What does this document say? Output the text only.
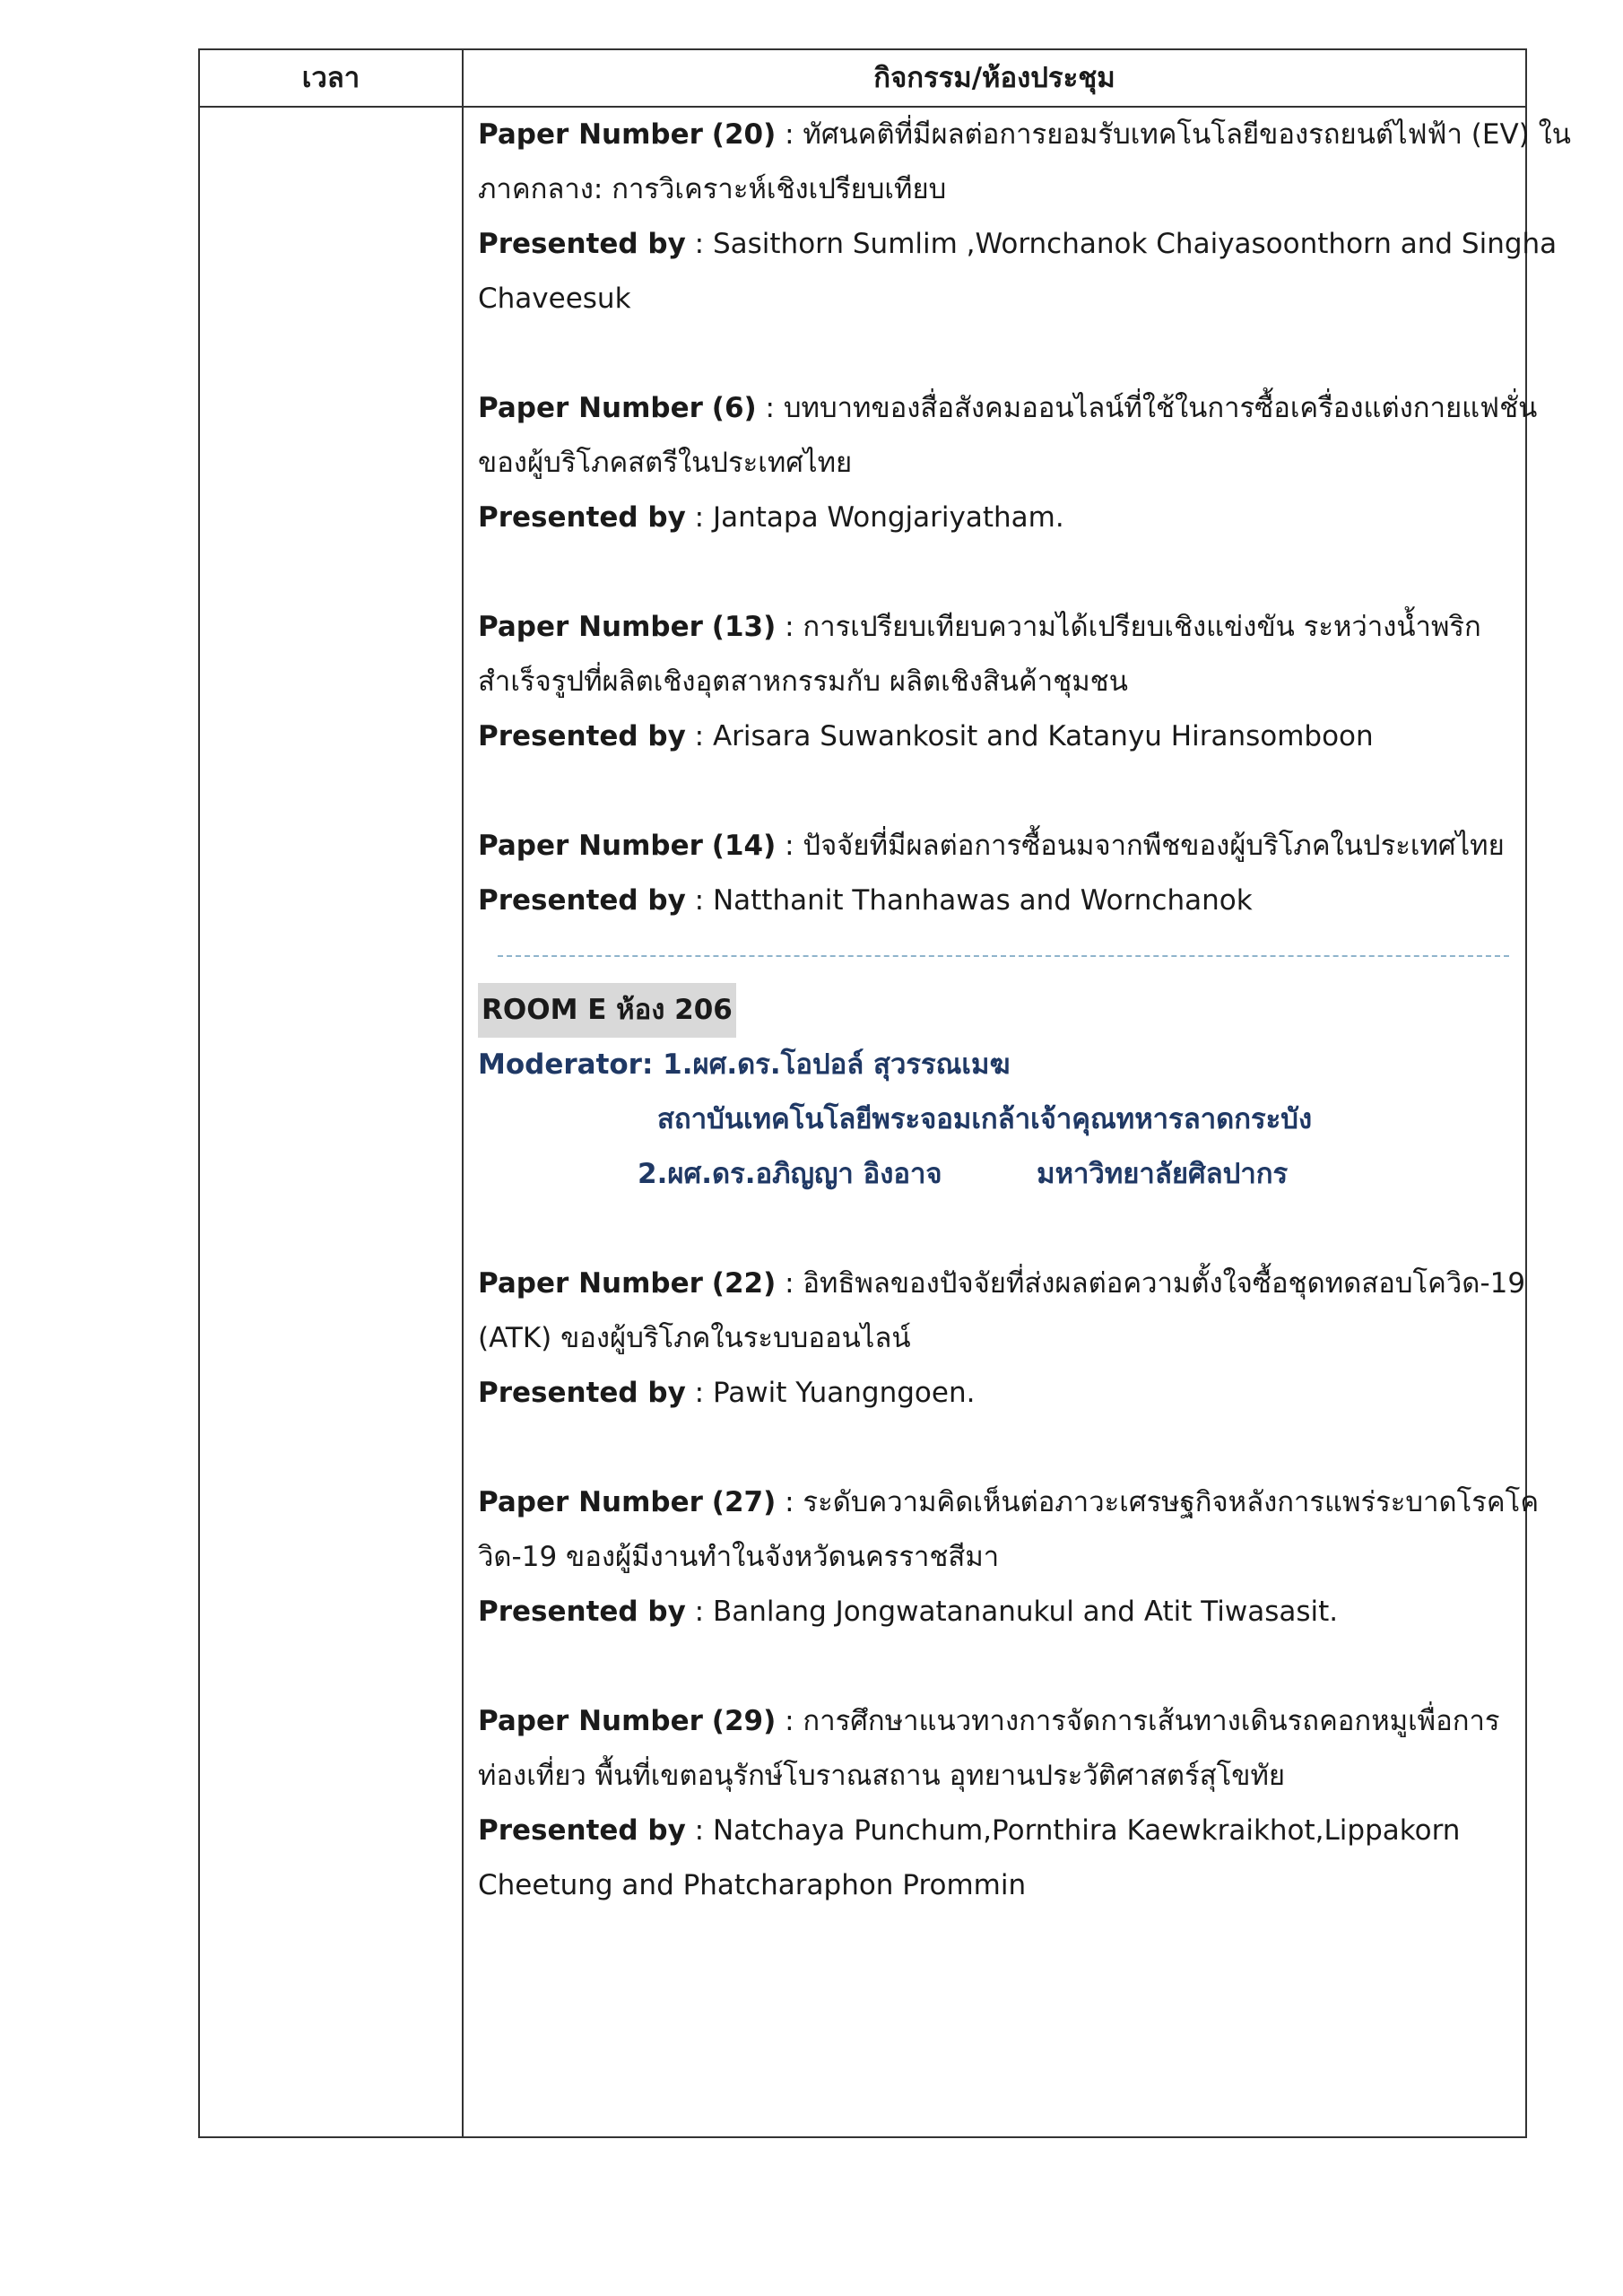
เวลา	กิจกรรม/ห้องประชุม
Paper Number (20) : ทัศนคติที่มีผลต่อการยอมรับเทคโนโลยีของรถยนต์ไฟฟ้า (EV) ใน
ภาคกลาง: การวิเคราะห์เชิงเปรียบเทียบ
Presented by : Sasithorn Sumlim ,Wornchanok Chaiyasoonthorn and Singha
Chaveesuk
Paper Number (6) : บทบาทของสื่อสังคมออนไลน์ที่ใช้ในการซื้อเครื่องแต่งกายแฟชั่น
ของผู้บริโภคสตรีในประเทศไทย
Presented by : Jantapa Wongjariyatham.
Paper Number (13) : การเปรียบเทียบความได้เปรียบเชิงแข่งขัน ระหว่างน้ำพริก
สำเร็จรูปที่ผลิตเชิงอุตสาหกรรมกับ ผลิตเชิงสินค้าชุมชน
Presented by : Arisara Suwankosit and Katanyu Hiransomboon
Paper Number (14) : ปัจจัยที่มีผลต่อการซื้อนมจากพืชของผู้บริโภคในประเทศไทย
Presented by : Natthanit Thanhawas and Wornchanok
ROOM E ห้อง 206
Moderator: 1.ผศ.ดร.โอปอล์ สุวรรณเมฆ
สถาบันเทคโนโลยีพระจอมเกล้าเจ้าคุณทหารลาดกระบัง
2.ผศ.ดร.อภิญญา อิงอาจ	มหาวิทยาลัยศิลปากร
Paper Number (22) : อิทธิพลของปัจจัยที่ส่งผลต่อความตั้งใจซื้อชุดทดสอบโควิด-19
(ATK) ของผู้บริโภคในระบบออนไลน์
Presented by : Pawit Yuangngoen.
Paper Number (27) : ระดับความคิดเห็นต่อภาวะเศรษฐกิจหลังการแพร่ระบาดโรคโค
วิด-19 ของผู้มีงานทำในจังหวัดนครราชสีมา
Presented by : Banlang Jongwatananukul and Atit Tiwasasit.
Paper Number (29) : การศึกษาแนวทางการจัดการเส้นทางเดินรถคอกหมูเพื่อการ
ท่องเที่ยว พื้นที่เขตอนุรักษ์โบราณสถาน อุทยานประวัติศาสตร์สุโขทัย
Presented by : Natchaya Punchum,Pornthira Kaewkraikhot,Lippakorn
Cheetung and Phatcharaphon Prommin
